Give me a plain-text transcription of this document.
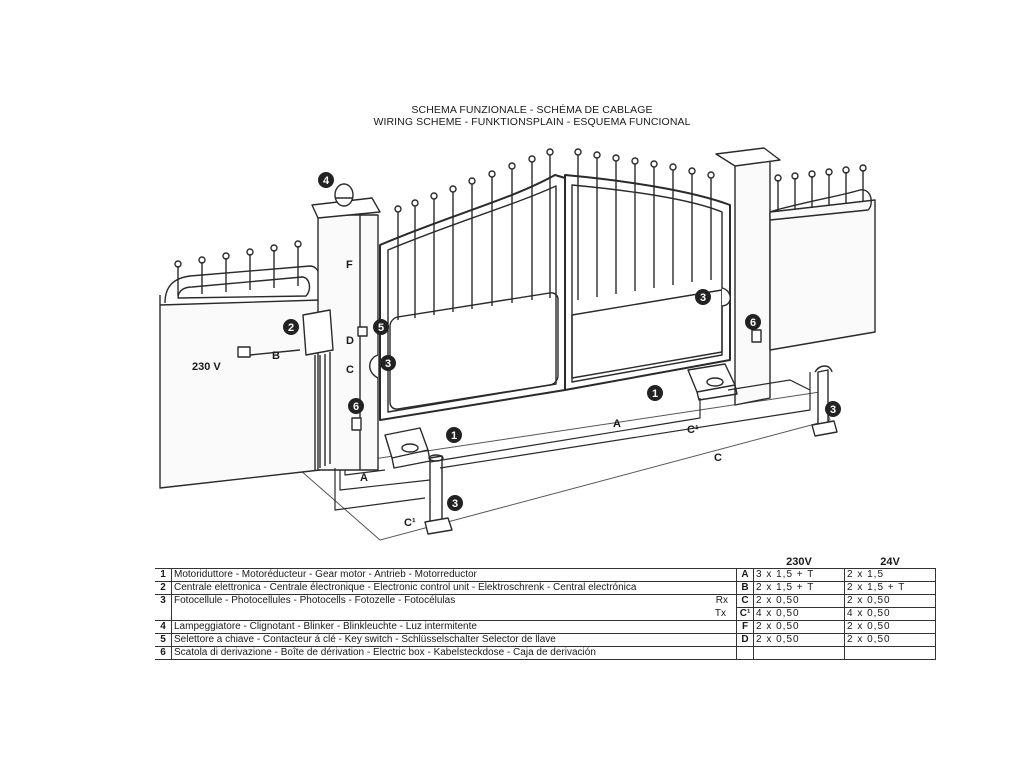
SCHEMA FUNZIONALE - SCHÉMA DE CABLAGE
WIRING SCHEME - FUNKTIONSPLAIN - ESQUEMA FUNCIONAL
4
2	5
3
3
6
6
1
1
3
3
F
D
C
B
230 V
A
A	C¹
C
C¹
			230V	24V
1	Motoriduttore - Motoréducteur - Gear motor - Antrieb - Motorreductor	A	3 x 1,5 + T	2 x 1,5
2	Centrale elettronica - Centrale électronique - Electronic control unit - Elektroschrenk - Central electrónica	B	2 x 1,5 + T	2 x 1,5 + T
3	Fotocellule - Photocellules - Photocells - Fotozelle - Fotocélulas Rx	C	2 x 0,50	2 x 0,50
	Tx	C¹	4 x 0,50	4 x 0,50
4	Lampeggiatore - Clignotant - Blinker - Blinkleuchte - Luz intermitente	F	2 x 0,50	2 x 0,50
5	Selettore a chiave - Contacteur á clé - Key switch - Schlüsselschalter Selector de llave	D	2 x 0,50	2 x 0,50
6	Scatola di derivazione - Boîte de dérivation - Electric box - Kabelsteckdose - Caja de derivación			
